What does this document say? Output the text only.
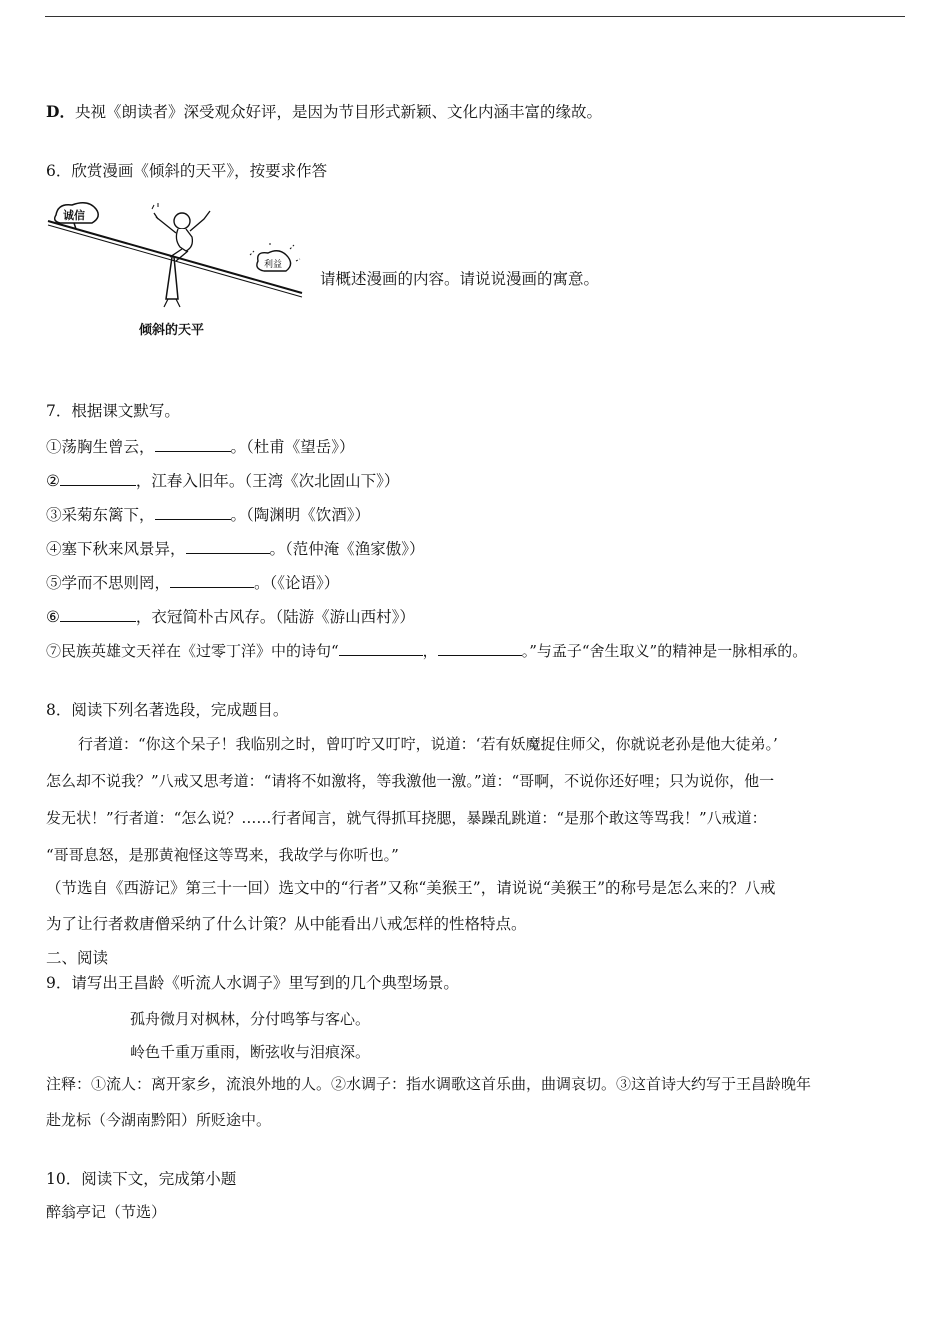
D．央视《朗读者》深受观众好评，是因为节目形式新颖、文化内涵丰富的缘故。
6．欣赏漫画《倾斜的天平》，按要求作答
诚信
利益
倾斜的天平
请概述漫画的内容。请说说漫画的寓意。
7．根据课文默写。
①荡胸生曾云，	。（杜甫《望岳》）
②	，江春入旧年。（王湾《次北固山下》）
③采菊东篱下，	。（陶渊明《饮酒》）
④塞下秋来风景异，	。（范仲淹《渔家傲》）
⑤学而不思则罔，	。（《论语》）
⑥	，衣冠简朴古风存。（陆游《游山西村》）
⑦民族英雄文天祥在《过零丁洋》中的诗句“	，	。”与孟子“舍生取义”的精神是一脉相承的。
8．阅读下列名著选段，完成题目。
行者道：“你这个呆子！我临别之时，曾叮咛又叮咛，说道：‘若有妖魔捉住师父，你就说老孙是他大徒弟。’
怎么却不说我？”八戒又思考道：“请将不如激将，等我激他一激。”道：“哥啊，不说你还好哩；只为说你，他一
发无状！”行者道：“怎么说？……行者闻言，就气得抓耳挠腮，暴躁乱跳道：“是那个敢这等骂我！”八戒道：
“哥哥息怒，是那黄袍怪这等骂来，我故学与你听也。”
（节选自《西游记》第三十一回）选文中的“行者”又称“美猴王”，请说说“美猴王”的称号是怎么来的？八戒
为了让行者救唐僧采纳了什么计策？从中能看出八戒怎样的性格特点。
二、阅读
9．请写出王昌龄《听流人水调子》里写到的几个典型场景。
孤舟微月对枫林，分付鸣筝与客心。
岭色千重万重雨，断弦收与泪痕深。
注释：①流人：离开家乡，流浪外地的人。②水调子：指水调歌这首乐曲，曲调哀切。③这首诗大约写于王昌龄晚年
赴龙标（今湖南黔阳）所贬途中。
10．阅读下文，完成第小题
醉翁亭记（节选）
